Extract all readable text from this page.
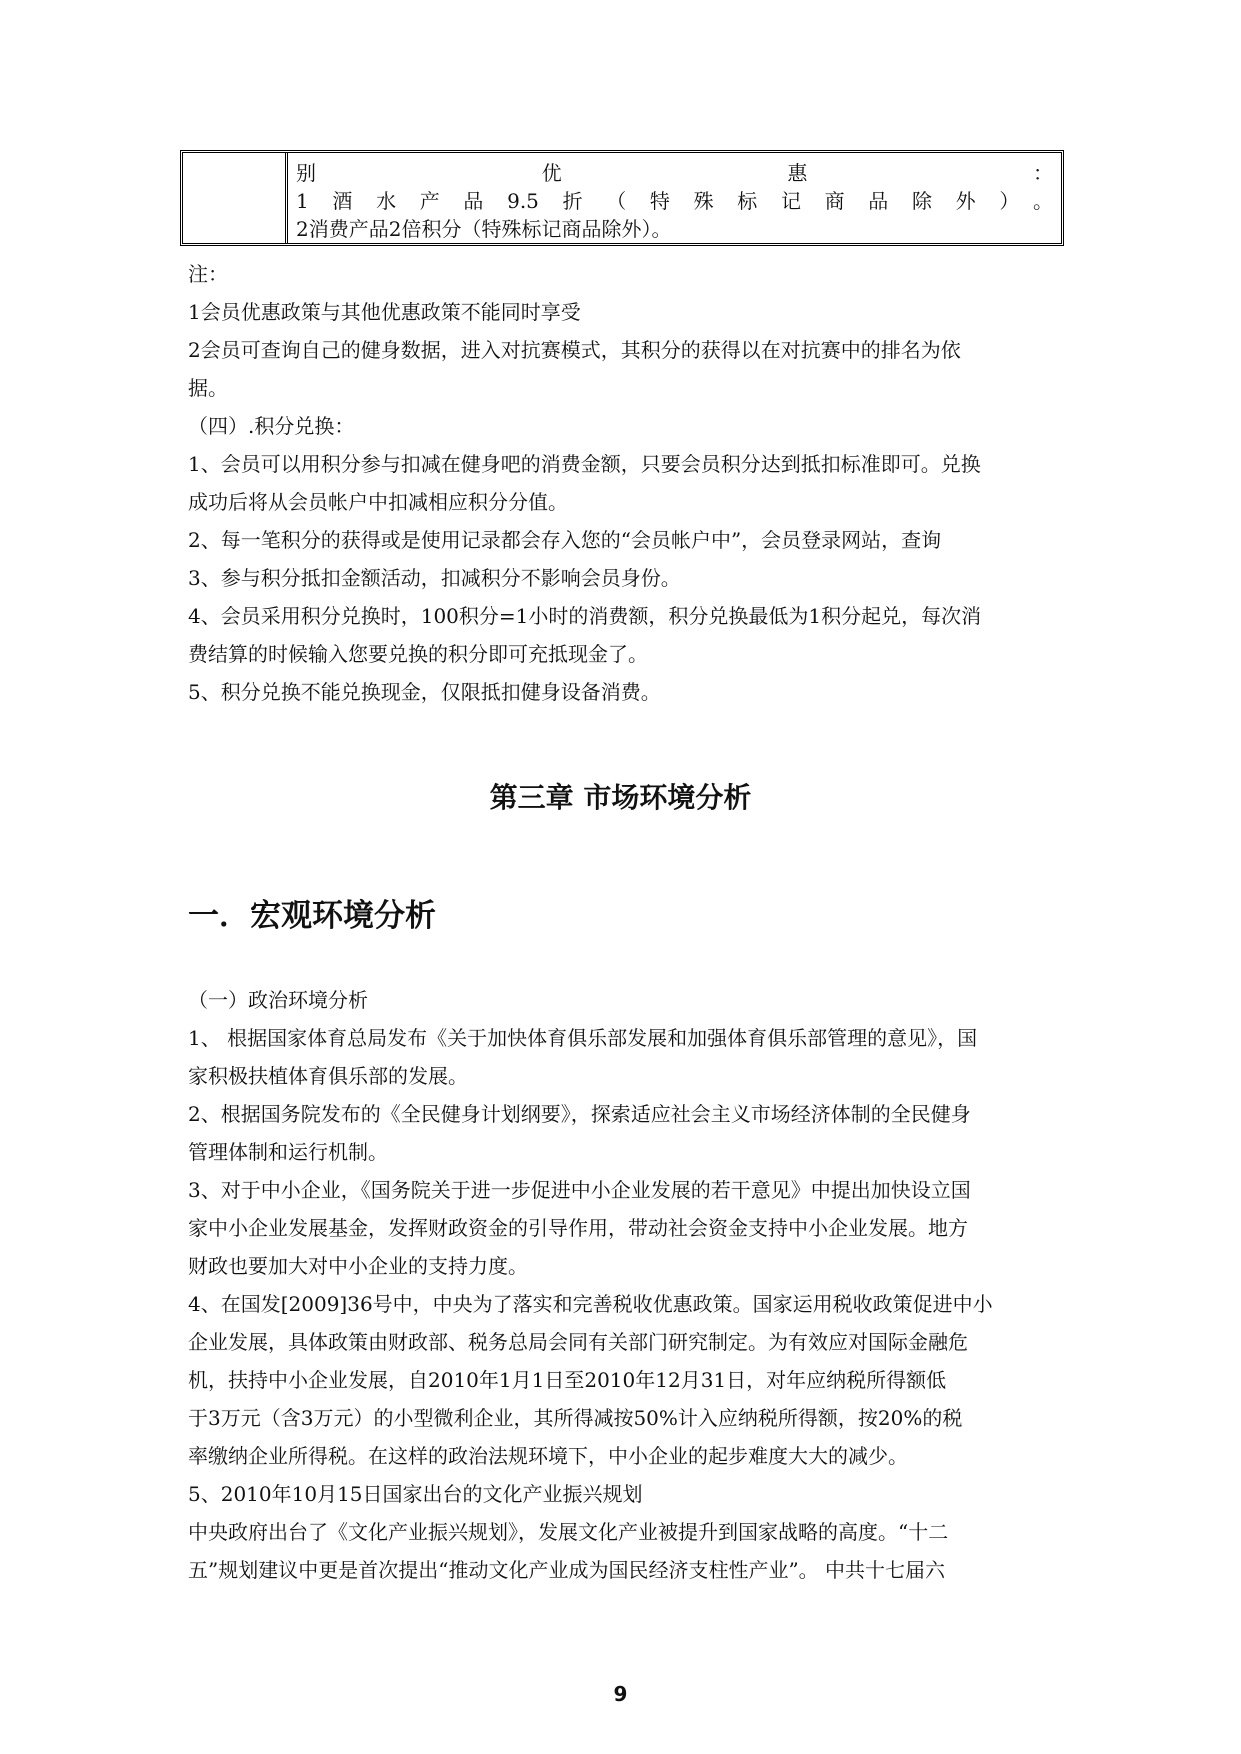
别优惠：
1酒水产品9.5折（特殊标记商品除外）。
2消费产品2倍积分（特殊标记商品除外）。
注：
1会员优惠政策与其他优惠政策不能同时享受
2会员可查询自己的健身数据，进入对抗赛模式，其积分的获得以在对抗赛中的排名为依
据。
（四）.积分兑换：
1、会员可以用积分参与扣减在健身吧的消费金额，只要会员积分达到抵扣标准即可。兑换
成功后将从会员帐户中扣减相应积分分值。
2、每一笔积分的获得或是使用记录都会存入您的“会员帐户中”，会员登录网站，查询
3、参与积分抵扣金额活动，扣减积分不影响会员身份。
4、会员采用积分兑换时，100积分=1小时的消费额，积分兑换最低为1积分起兑，每次消
费结算的时候输入您要兑换的积分即可充抵现金了。
5、积分兑换不能兑换现金，仅限抵扣健身设备消费。
第三章 市场环境分析
一．宏观环境分析
（一）政治环境分析
1、 根据国家体育总局发布《关于加快体育俱乐部发展和加强体育俱乐部管理的意见》，国
家积极扶植体育俱乐部的发展。
2、根据国务院发布的《全民健身计划纲要》，探索适应社会主义市场经济体制的全民健身
管理体制和运行机制。
3、对于中小企业，《国务院关于进一步促进中小企业发展的若干意见》中提出加快设立国
家中小企业发展基金，发挥财政资金的引导作用，带动社会资金支持中小企业发展。地方
财政也要加大对中小企业的支持力度。
4、在国发[2009]36号中，中央为了落实和完善税收优惠政策。国家运用税收政策促进中小
企业发展，具体政策由财政部、税务总局会同有关部门研究制定。为有效应对国际金融危
机，扶持中小企业发展，自2010年1月1日至2010年12月31日，对年应纳税所得额低
于3万元（含3万元）的小型微利企业，其所得减按50%计入应纳税所得额，按20%的税
率缴纳企业所得税。在这样的政治法规环境下，中小企业的起步难度大大的减少。
5、2010年10月15日国家出台的文化产业振兴规划
中央政府出台了《文化产业振兴规划》，发展文化产业被提升到国家战略的高度。“十二
五”规划建议中更是首次提出“推动文化产业成为国民经济支柱性产业”。 中共十七届六
9
